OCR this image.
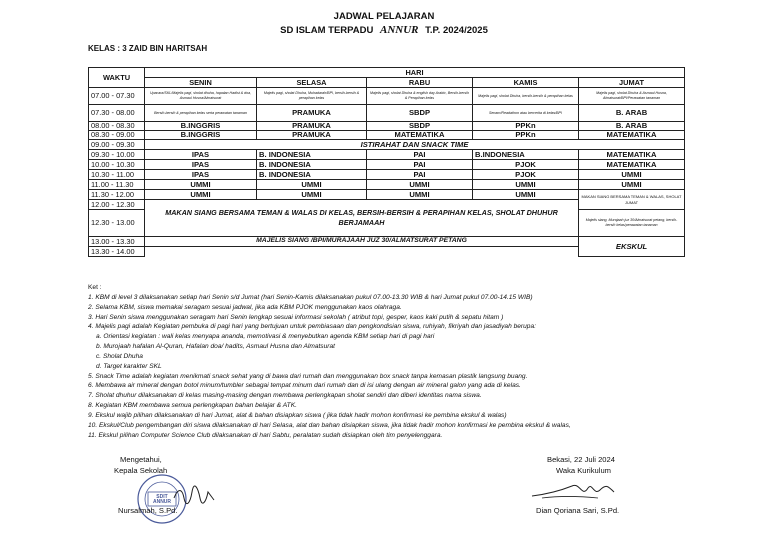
JADWAL PELAJARAN
SD ISLAM TERPADU ANNUR T.P. 2024/2025
KELAS : 3 ZAID BIN HARITSAH
WAKTU	HARI				
	SENIN	SELASA	RABU	KAMIS	JUMAT
07.00 - 07.30	Upacara/SKL/Majelis pagi, sholat dhuha, hapalan Hadist & doa, Asmaul Husna/Almatsurat	Majelis pagi, sholat Dhuha, Muhadarah/BPI, bersih-bersih & perapihan kelas	Majelis pagi, sholat Dhuha & english day Arabic, Bersih-bersih & Perapihan kelas	Majelis pagi, sholat Dhuha, bersih-bersih & perapihan kelas	Majelis pagi, sholat Dhuha & Asmaul Husna, Almatsurat/BPI/Perawatan tanaman
07.30 - 08.00	Bersih-bersih & perapihan kelas serta perawatan tanaman	PRAMUKA	SBDP	Senam/Readathon atau bercerita di kelas/BPI	B. ARAB
08.00 - 08.30	B.INGGRIS	PRAMUKA	SBDP	PPKn	B. ARAB
08.30 - 09.00	B.INGGRIS	PRAMUKA	MATEMATIKA	PPKn	MATEMATIKA
09.00 - 09.30	ISTIRAHAT DAN SNACK TIME				
09.30 - 10.00	IPAS	B. INDONESIA	PAI	B.INDONESIA	MATEMATIKA
10.00 - 10.30	IPAS	B. INDONESIA	PAI	PJOK	MATEMATIKA
10.30 - 11.00	IPAS	B. INDONESIA	PAI	PJOK	UMMI
11.00 - 11.30	UMMI	UMMI	UMMI	UMMI	UMMI
11.30 - 12.00	UMMI	UMMI	UMMI	UMMI	MAKAN SIANG BERSAMA TEMAN & WALAS, SHOLAT JUMAT
12.00 - 12.30	MAKAN SIANG BERSAMA TEMAN & WALAS DI KELAS, BERSIH-BERSIH & PERAPIHAN KELAS, SHOLAT DHUHUR BERJAMAAH				
12.30 - 13.00					Majelis siang, Murajaah juz 30/Almatsurat petang, bersih-bersih kelas/perawatan tanaman
13.00 - 13.30	MAJELIS SIANG /BPI/MURAJAAH JUZ 30/ALMATSURAT PETANG				EKSKUL
13.30 - 14.00					
Ket :
1. KBM di level 3 dilaksanakan setiap hari Senin s/d Jumat (hari Senin-Kamis dilaksanakan pukul 07.00-13.30 WIB & hari Jumat pukul 07.00-14.15 WIB)
2. Selama KBM, siswa memakai seragam sesuai jadwal, jika ada KBM PJOK menggunakan kaos olahraga.
3. Hari Senin siswa menggunakan seragam hari Senin lengkap sesuai informasi sekolah ( atribut topi, gesper, kaos kaki putih & sepatu hitam )
4. Majelis pagi adalah Kegiatan pembuka di pagi hari yang bertujuan untuk pembiasaan dan pengkondisian siswa, ruhiyah, fikriyah dan jasadiyah berupa:
a. Orientasi kegiatan : wali kelas menyapa ananda, memotivasi & menyebutkan agenda KBM setiap hari di pagi hari
b. Murojaah hafalan Al-Quran, Hafalan doa/ hadits, Asmaul Husna dan Almatsurat
c. Sholat Dhuha
d. Target karakter SKL
5. Snack Time adalah kegiatan menikmati snack sehat yang di bawa dari rumah dan menggunakan box snack tanpa kemasan plastik langsung buang.
6. Membawa air mineral dengan botol minum/tumbler sebagai tempat minum dari rumah dan di isi ulang dengan air mineral galon yang ada di kelas.
7. Sholat dhuhur dilaksanakan di kelas masing-masing dengan membawa perlengkapan sholat sendiri dan diberi identitas nama siswa.
8. Kegiatan KBM membawa semua perlengkapan bahan belajar & ATK.
9. Ekskul wajib pilihan dilaksanakan di hari Jumat, alat & bahan disiapkan siswa ( jika tidak hadir mohon konfirmasi ke pembina ekskul & walas)
10. Ekskul/Club pengembangan diri siswa dilaksanakan di hari Selasa, alat dan bahan disiapkan siswa, jika tidak hadir mohon konfirmasi ke pembina ekskul & walas,
11. Ekskul pilihan Computer Science Club dilaksanakan di hari Sabtu, peralatan sudah disiapkan oleh tim penyelenggara.
Mengetahui,
Kepala Sekolah
SDIT ANNUR
Nursalmah, S.Pd.
Bekasi, 22 Juli 2024
Waka Kurikulum
Dian Qoriana Sari, S.Pd.
